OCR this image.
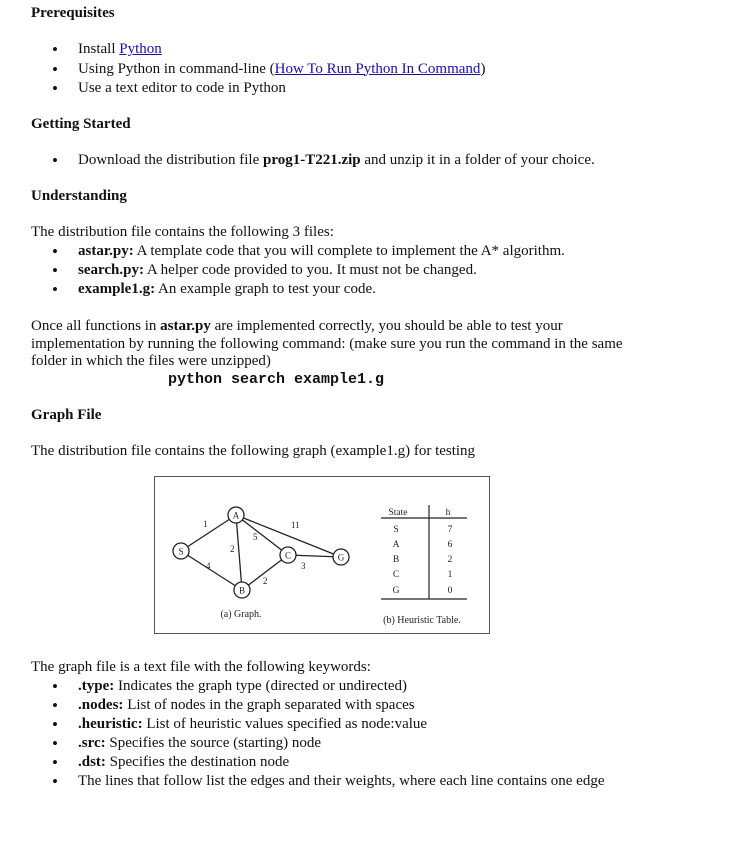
Prerequisites
• Install Python
• Using Python in command-line (How To Run Python In Command)
• Use a text editor to code in Python
Getting Started
• Download the distribution file prog1-T221.zip and unzip it in a folder of your choice.
Understanding
The distribution file contains the following 3 files:
• astar.py: A template code that you will complete to implement the A* algorithm.
• search.py: A helper code provided to you. It must not be changed.
• example1.g: An example graph to test your code.
Once all functions in astar.py are implemented correctly, you should be able to test your
implementation by running the following command: (make sure you run the command in the same
folder in which the files were unzipped)
python search example1.g
Graph File
The distribution file contains the following graph (example1.g) for testing
1
4
2
5
11
2
3
S
A
B
C	G
(a) Graph.
State	h
S	7
A	6
B	2
C	1
G	0
(b) Heuristic Table.
The graph file is a text file with the following keywords:
• .type: Indicates the graph type (directed or undirected)
• .nodes: List of nodes in the graph separated with spaces
• .heuristic: List of heuristic values specified as node:value
• .src: Specifies the source (starting) node
• .dst: Specifies the destination node
• The lines that follow list the edges and their weights, where each line contains one edge
